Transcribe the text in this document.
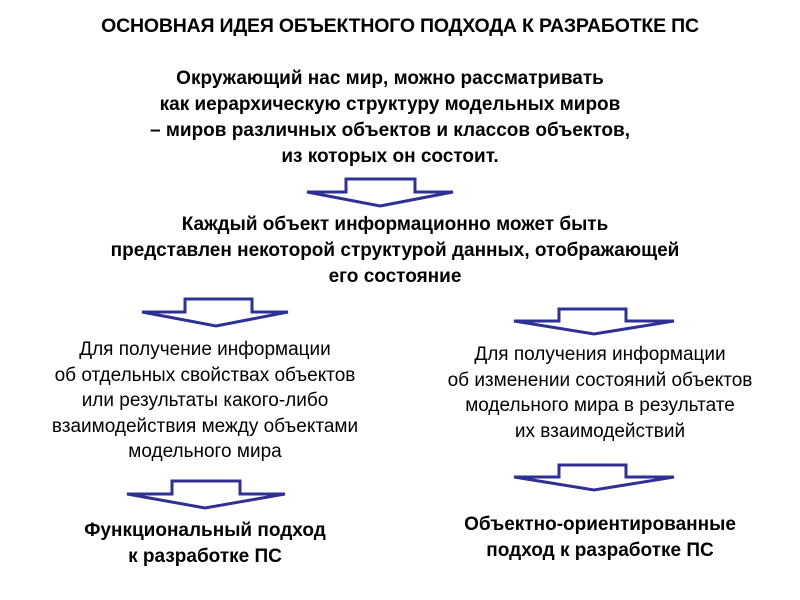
ОСНОВНАЯ ИДЕЯ ОБЪЕКТНОГО ПОДХОДА К РАЗРАБОТКЕ ПС
Окружающий нас мир, можно рассматривать
как иерархическую структуру модельных миров
– миров различных объектов и классов объектов,
из которых он состоит.
Каждый объект информационно может быть
представлен некоторой структурой данных, отображающей
его состояние
Для получение информации
об отдельных свойствах объектов
или результаты какого-либо
взаимодействия между объектами
модельного мира
Для получения информации
об изменении состояний объектов
модельного мира в результате
их взаимодействий
Функциональный подход
к разработке ПС
Объектно-ориентированные
подход к разработке ПС
